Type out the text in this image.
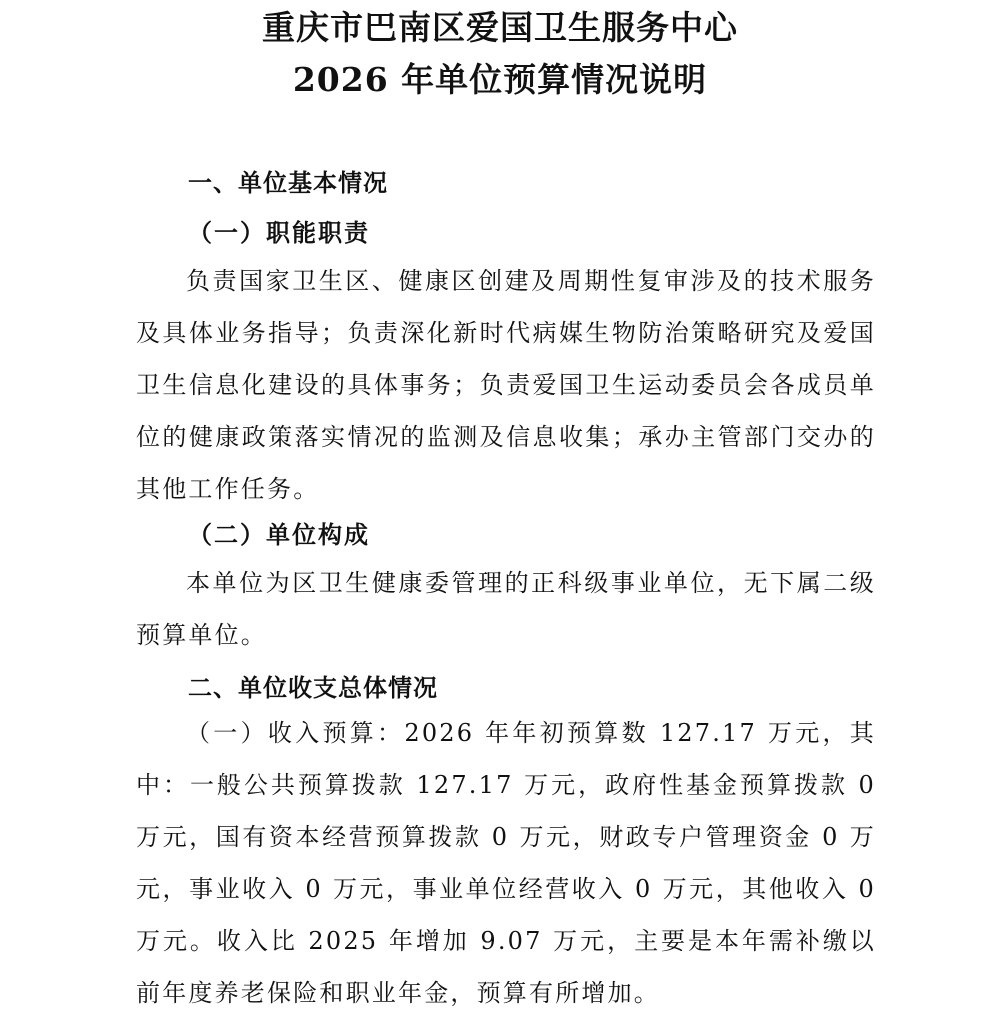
重庆市巴南区爱国卫生服务中心
2026 年单位预算情况说明
一、单位基本情况
（一）职能职责

负责国家卫生区、健康区创建及周期性复审涉及的技术服务及具体业务指导；负责深化新时代病媒生物防治策略研究及爱国卫生信息化建设的具体事务；负责爱国卫生运动委员会各成员单位的健康政策落实情况的监测及信息收集；承办主管部门交办的其他工作任务。

（二）单位构成

本单位为区卫生健康委管理的正科级事业单位，无下属二级预算单位。

二、单位收支总体情况

（一）收入预算：2026 年年初预算数 127.17 万元，其中：一般公共预算拨款 127.17 万元，政府性基金预算拨款 0 万元，国有资本经营预算拨款 0 万元，财政专户管理资金 0 万元，事业收入 0 万元，事业单位经营收入 0 万元，其他收入 0 万元。收入比 2025 年增加 9.07 万元，主要是本年需补缴以前年度养老保险和职业年金，预算有所增加。
